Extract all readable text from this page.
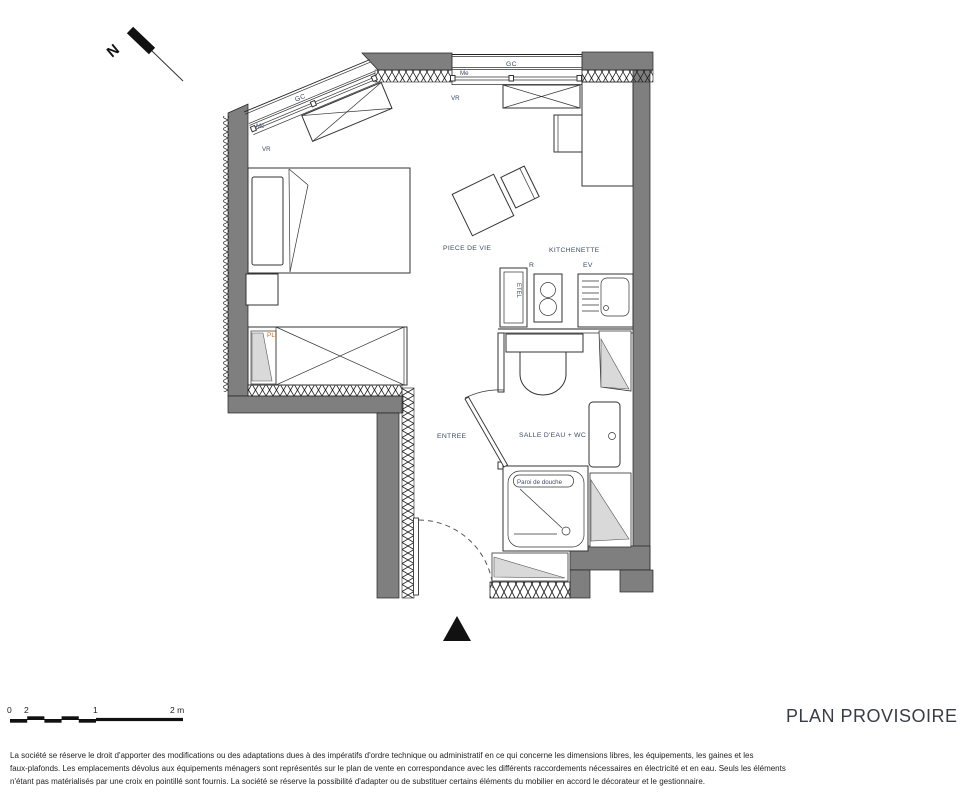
GC
Me
VR
GC
Me
VR
PL
ETEL
R	EV
PIECE DE VIE	KITCHENETTE
ENTREE	SALLE D'EAU + WC
Paroi de douche
N
0 2	1	2 m	PLAN PROVISOIRE
La société se réserve le droit d'apporter des modifications ou des adaptations dues à des impératifs d'ordre technique ou administratif en ce qui concerne les dimensions libres, les équipements, les gaines et les
faux-plafonds. Les emplacements dévolus aux équipements ménagers sont représentés sur le plan de vente en correspondance avec les différents raccordements nécessaires en électricité et en eau. Seuls les éléments
n'étant pas matérialisés par une croix en pointillé sont fournis. La société se réserve la possibilité d'adapter ou de substituer certains éléments du mobilier en accord le décorateur et le gestionnaire.
